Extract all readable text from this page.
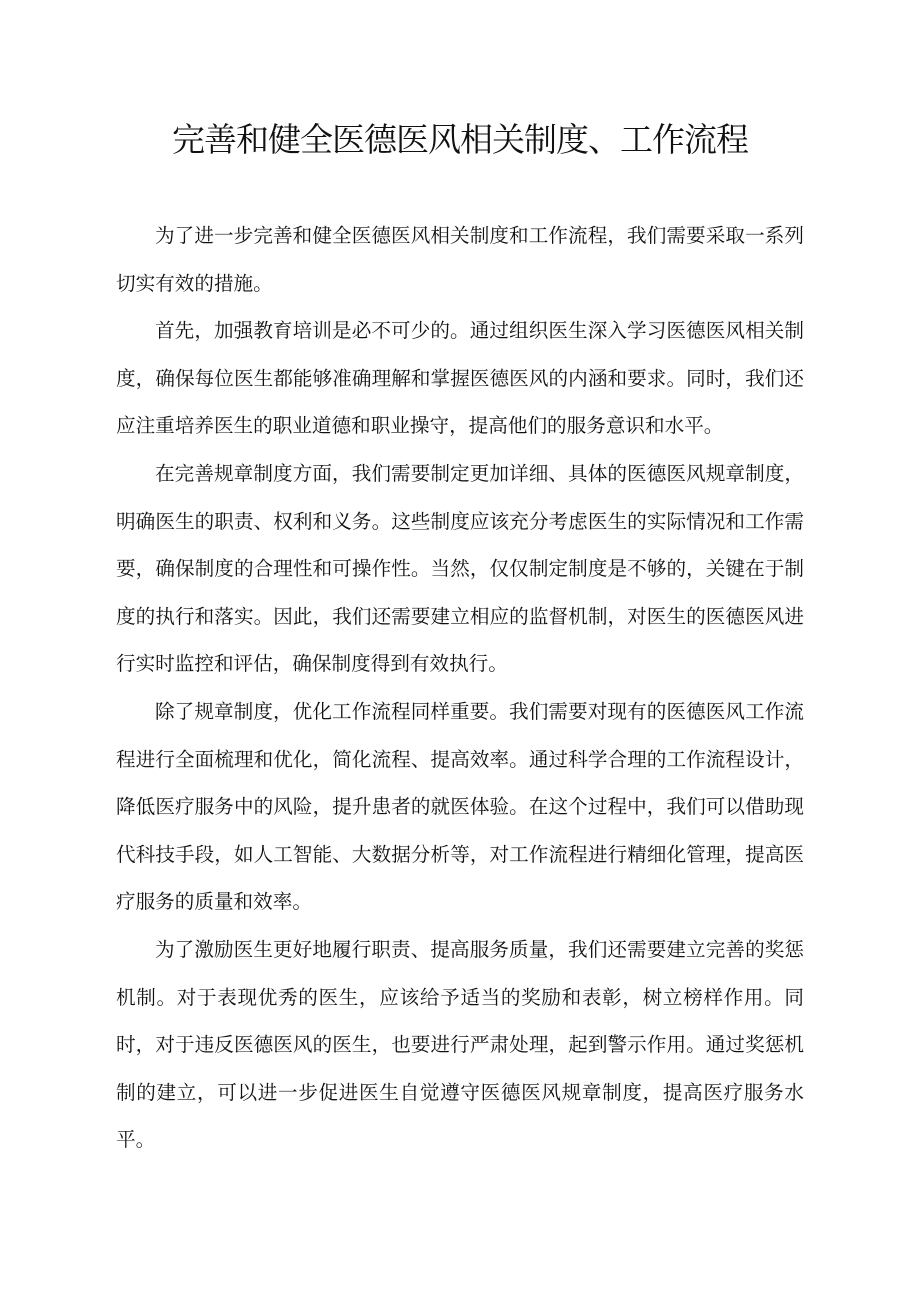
完善和健全医德医风相关制度、工作流程

为了进一步完善和健全医德医风相关制度和工作流程，我们需要采取一系列切实有效的措施。

首先，加强教育培训是必不可少的。通过组织医生深入学习医德医风相关制度，确保每位医生都能够准确理解和掌握医德医风的内涵和要求。同时，我们还应注重培养医生的职业道德和职业操守，提高他们的服务意识和水平。

在完善规章制度方面，我们需要制定更加详细、具体的医德医风规章制度，明确医生的职责、权利和义务。这些制度应该充分考虑医生的实际情况和工作需要，确保制度的合理性和可操作性。当然，仅仅制定制度是不够的，关键在于制度的执行和落实。因此，我们还需要建立相应的监督机制，对医生的医德医风进行实时监控和评估，确保制度得到有效执行。

除了规章制度，优化工作流程同样重要。我们需要对现有的医德医风工作流程进行全面梳理和优化，简化流程、提高效率。通过科学合理的工作流程设计，降低医疗服务中的风险，提升患者的就医体验。在这个过程中，我们可以借助现代科技手段，如人工智能、大数据分析等，对工作流程进行精细化管理，提高医疗服务的质量和效率。

为了激励医生更好地履行职责、提高服务质量，我们还需要建立完善的奖惩机制。对于表现优秀的医生，应该给予适当的奖励和表彰，树立榜样作用。同时，对于违反医德医风的医生，也要进行严肃处理，起到警示作用。通过奖惩机制的建立，可以进一步促进医生自觉遵守医德医风规章制度，提高医疗服务水平。
